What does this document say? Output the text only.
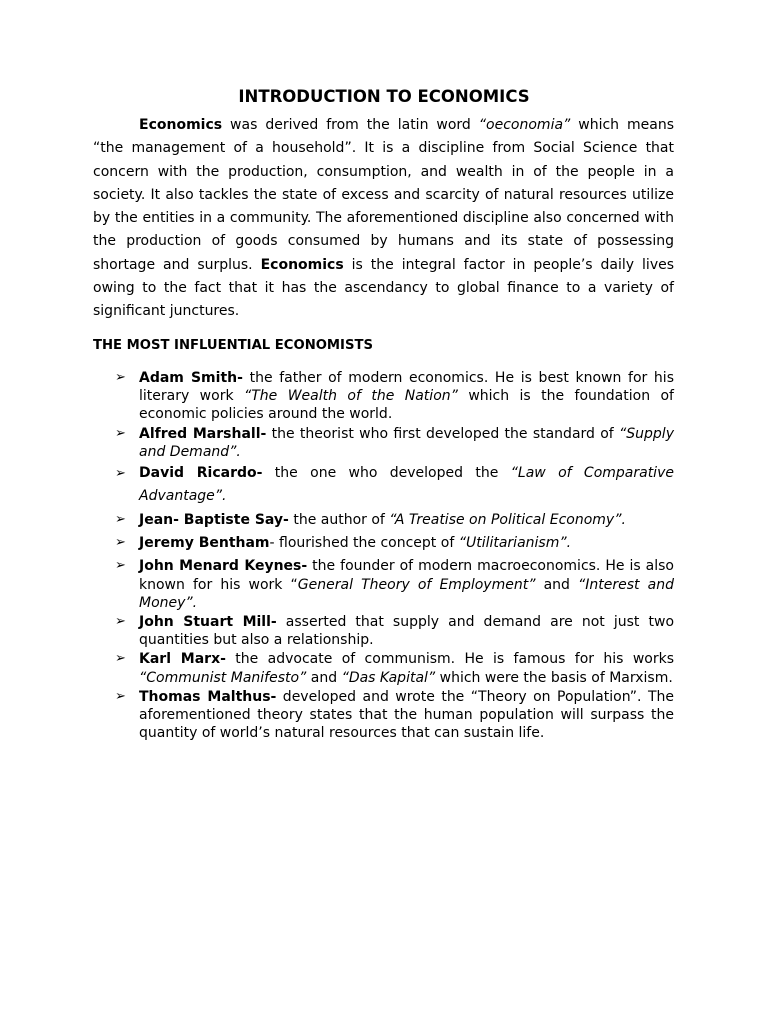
INTRODUCTION TO ECONOMICS

Economics was derived from the latin word “oeconomia” which means “the management of a household”. It is a discipline from Social Science that concern with the production, consumption, and wealth in of the people in a society. It also tackles the state of excess and scarcity of natural resources utilize by the entities in a community. The aforementioned discipline also concerned with the production of goods consumed by humans and its state of possessing shortage and surplus. Economics is the integral factor in people’s daily lives owing to the fact that it has the ascendancy to global finance to a variety of significant junctures.

THE MOST INFLUENTIAL ECONOMISTS
➢ Adam Smith- the father of modern economics. He is best known for his literary work “The Wealth of the Nation” which is the foundation of economic policies around the world.
➢ Alfred Marshall- the theorist who first developed the standard of “Supply and Demand”.
➢ David Ricardo- the one who developed the “Law of Comparative Advantage”.
➢ Jean- Baptiste Say- the author of “A Treatise on Political Economy”.
➢ Jeremy Bentham- flourished the concept of “Utilitarianism”.
➢ John Menard Keynes- the founder of modern macroeconomics. He is also known for his work “General Theory of Employment” and “Interest and Money”.
➢ John Stuart Mill- asserted that supply and demand are not just two quantities but also a relationship.
➢ Karl Marx- the advocate of communism. He is famous for his works “Communist Manifesto” and “Das Kapital” which were the basis of Marxism.
➢ Thomas Malthus- developed and wrote the “Theory on Population”. The aforementioned theory states that the human population will surpass the quantity of world’s natural resources that can sustain life.
